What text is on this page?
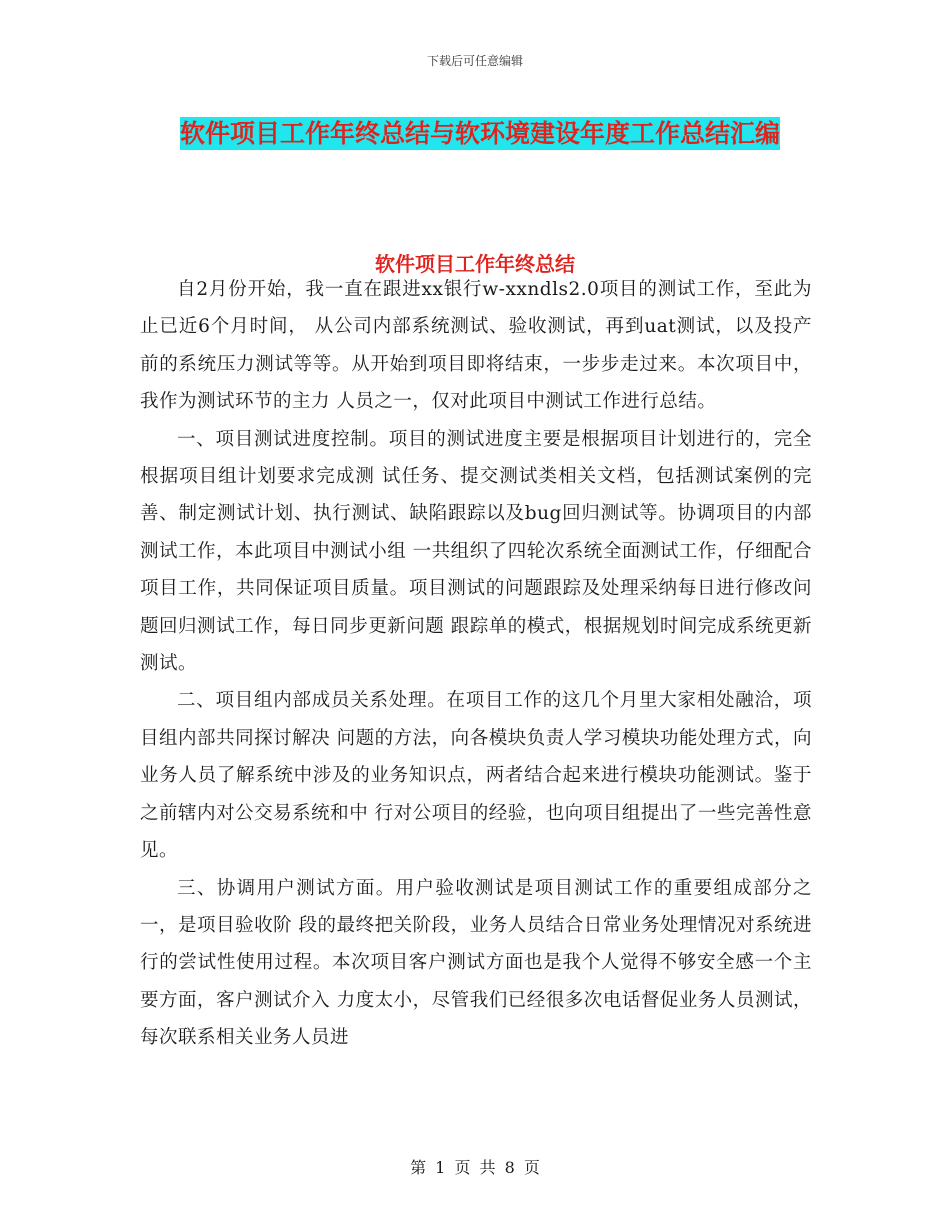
下载后可任意编辑
软件项目工作年终总结与软环境建设年度工作总结汇编
软件项目工作年终总结

自2月份开始，我一直在跟进xx银行w-xxndls2.0项目的测试工作，至此为止已近6个月时间， 从公司内部系统测试、验收测试，再到uat测试，以及投产前的系统压力测试等等。从开始到项目即将结束，一步步走过来。本次项目中，我作为测试环节的主力 人员之一，仅对此项目中测试工作进行总结。

一、项目测试进度控制。项目的测试进度主要是根据项目计划进行的，完全根据项目组计划要求完成测 试任务、提交测试类相关文档，包括测试案例的完善、制定测试计划、执行测试、缺陷跟踪以及bug回归测试等。协调项目的内部测试工作，本此项目中测试小组 一共组织了四轮次系统全面测试工作，仔细配合项目工作，共同保证项目质量。项目测试的问题跟踪及处理采纳每日进行修改问题回归测试工作，每日同步更新问题 跟踪单的模式，根据规划时间完成系统更新测试。

二、项目组内部成员关系处理。在项目工作的这几个月里大家相处融洽，项目组内部共同探讨解决 问题的方法，向各模块负责人学习模块功能处理方式，向业务人员了解系统中涉及的业务知识点，两者结合起来进行模块功能测试。鉴于之前辖内对公交易系统和中 行对公项目的经验，也向项目组提出了一些完善性意见。

三、协调用户测试方面。用户验收测试是项目测试工作的重要组成部分之一，是项目验收阶 段的最终把关阶段，业务人员结合日常业务处理情况对系统进行的尝试性使用过程。本次项目客户测试方面也是我个人觉得不够安全感一个主要方面，客户测试介入 力度太小，尽管我们已经很多次电话督促业务人员测试，每次联系相关业务人员进

第 1 页 共 8 页
